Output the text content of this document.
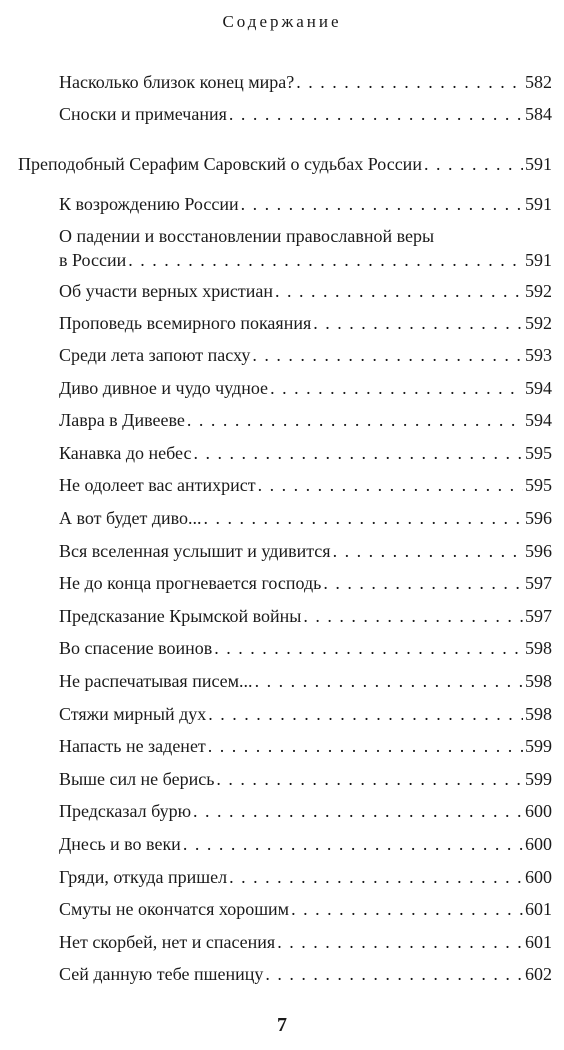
Содержание
Насколько близок конец мира? . . .	582
Сноски и примечания . . .	584
Преподобный Серафим Саровский о судьбах России . . .	591
К возрождению России . . .	591
О падении и восстановлении православной веры
в России . . .	591
Об участи верных христиан . . .	592
Проповедь всемирного покаяния . . .	592
Среди лета запоют пасху . . .	593
Диво дивное и чудо чудное . . .	594
Лавра в Дивееве . . .	594
Канавка до небес . . .	595
Не одолеет вас антихрист . . .	595
А вот будет диво... . . .	596
Вся вселенная услышит и удивится . . .	596
Не до конца прогневается господь . . .	597
Предсказание Крымской войны . . .	597
Во спасение воинов . . .	598
Не распечатывая писем... . . .	598
Стяжи мирный дух . . .	598
Напасть не заденет . . .	599
Выше сил не берись . . .	599
Предсказал бурю . . .	600
Днесь и во веки . . .	600
Гряди, откуда пришел . . .	600
Смуты не окончатся хорошим . . .	601
Нет скорбей, нет и спасения . . .	601
Сей данную тебе пшеницу . . .	602
7
